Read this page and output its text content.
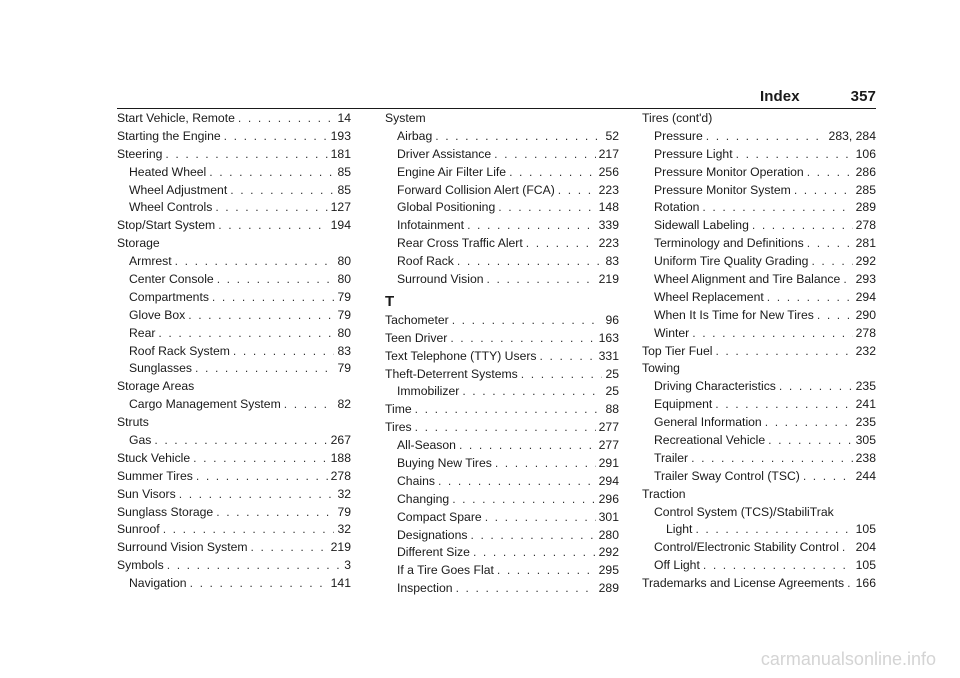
Index	357
Start Vehicle, Remote . . .	14
Starting the Engine . . .	193
Steering . . .	181
Heated Wheel . . .	85
Wheel Adjustment . . .	85
Wheel Controls . . .	127
Stop/Start System . . .	194
Storage
Armrest . . .	80
Center Console . . .	80
Compartments . . .	79
Glove Box . . .	79
Rear . . .	80
Roof Rack System . . .	83
Sunglasses . . .	79
Storage Areas
Cargo Management System . . .	82
Struts
Gas . . .	267
Stuck Vehicle . . .	188
Summer Tires . . .	278
Sun Visors . . .	32
Sunglass Storage . . .	79
Sunroof . . .	32
Surround Vision System . . .	219
Symbols . . .	3
Navigation . . .	141
System
Airbag . . .	52
Driver Assistance . . .	217
Engine Air Filter Life . . .	256
Forward Collision Alert (FCA) . . .	223
Global Positioning . . .	148
Infotainment . . .	339
Rear Cross Traffic Alert . . .	223
Roof Rack . . .	83
Surround Vision . . .	219
T
Tachometer . . .	96
Teen Driver . . .	163
Text Telephone (TTY) Users . . .	331
Theft-Deterrent Systems . . .	25
Immobilizer . . .	25
Time . . .	88
Tires . . .	277
All-Season . . .	277
Buying New Tires . . .	291
Chains . . .	294
Changing . . .	296
Compact Spare . . .	301
Designations . . .	280
Different Size . . .	292
If a Tire Goes Flat . . .	295
Inspection . . .	289
Tires (cont'd)
Pressure . . .	283, 284
Pressure Light . . .	106
Pressure Monitor Operation . . .	286
Pressure Monitor System . . .	285
Rotation . . .	289
Sidewall Labeling . . .	278
Terminology and Definitions . . .	281
Uniform Tire Quality Grading . . .	292
Wheel Alignment and Tire Balance . . . 293
Wheel Replacement . . .	294
When It Is Time for New Tires . . .	290
Winter . . .	278
Top Tier Fuel . . .	232
Towing
Driving Characteristics . . .	235
Equipment . . .	241
General Information . . .	235
Recreational Vehicle . . .	305
Trailer . . .	238
Trailer Sway Control (TSC) . . .	244
Traction
Control System (TCS)/StabiliTrak
Light . . .	105
Control/Electronic Stability Control . . . 204
Off Light . . .	105
Trademarks and License Agreements . . . 166
carmanualsonline.info
